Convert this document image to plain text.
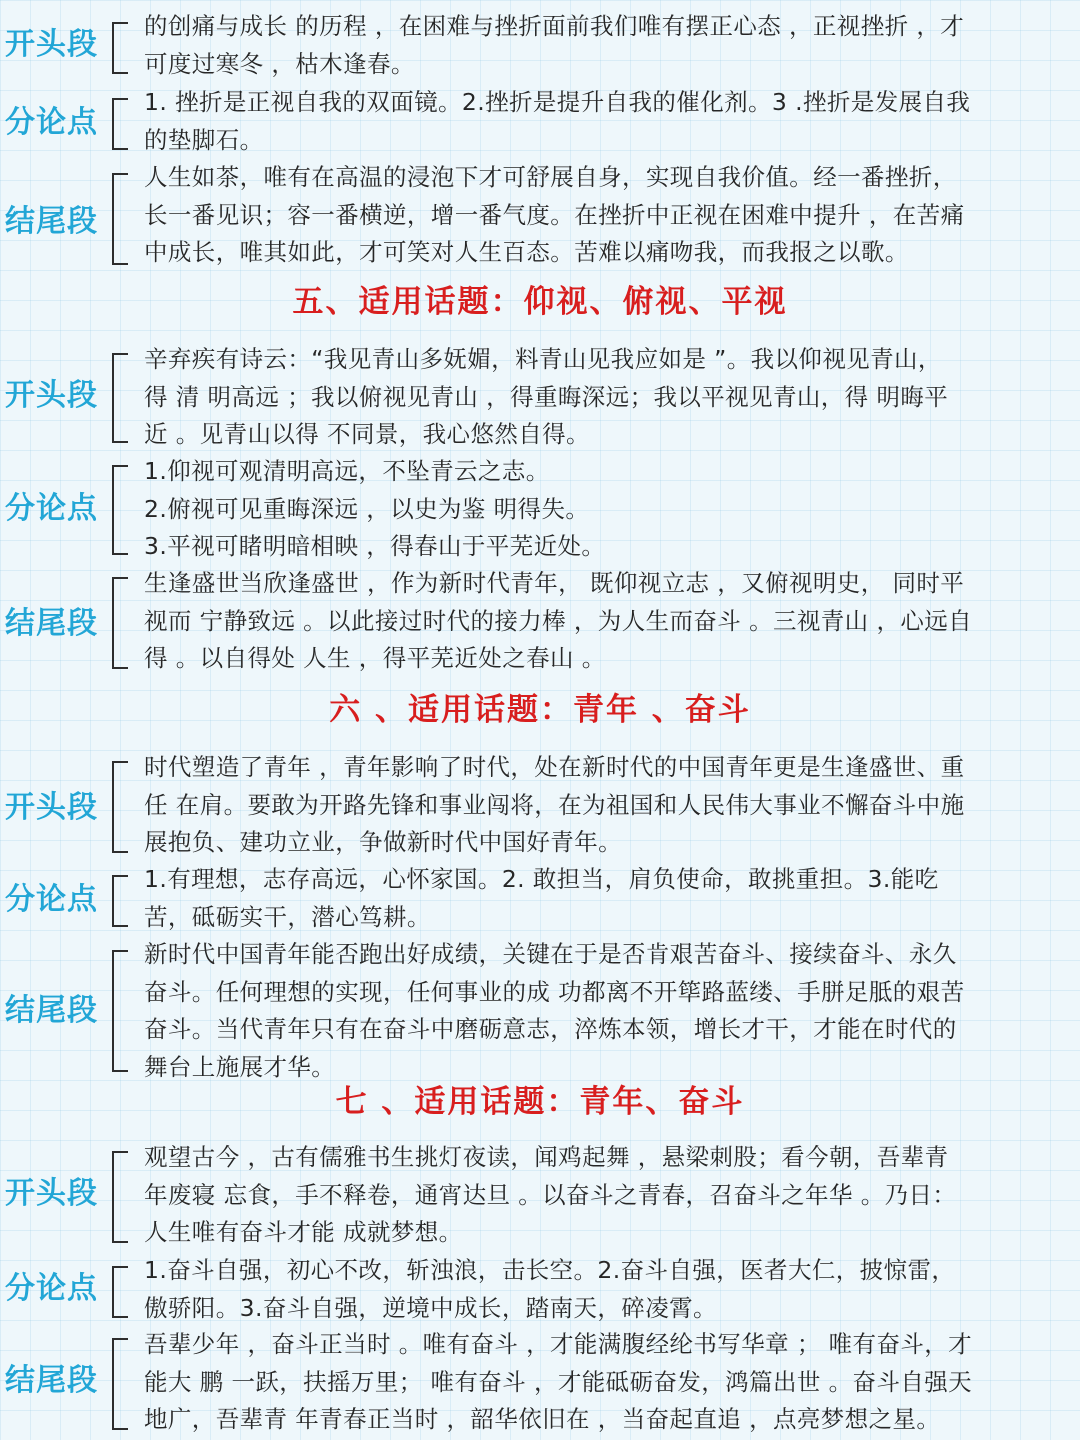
开头段
的创痛与成长 的历程 ，在困难与挫折面前我们唯有摆正心态 ，正视挫折 ，才
可度过寒冬 ，枯木逢春。
分论点
1. 挫折是正视自我的双面镜。2.挫折是提升自我的催化剂。3 .挫折是发展自我
的垫脚石。
结尾段
人生如茶，唯有在高温的浸泡下才可舒展自身，实现自我价值。经一番挫折，
长一番见识；容一番横逆，增一番气度。在挫折中正视在困难中提升 ，在苦痛
中成长，唯其如此，才可笑对人生百态。苦难以痛吻我，而我报之以歌。
五、适用话题：仰视、俯视、平视
开头段
辛弃疾有诗云：“我见青山多妩媚，料青山见我应如是 ”。我以仰视见青山，
得 清 明高远 ；我以俯视见青山 ，得重晦深远；我以平视见青山，得 明晦平
近 。见青山以得 不同景，我心悠然自得。
分论点
1.仰视可观清明高远，不坠青云之志。
2.俯视可见重晦深远 ，以史为鉴 明得失。
3.平视可睹明暗相映 ，得春山于平芜近处。
结尾段
生逢盛世当欣逢盛世 ，作为新时代青年， 既仰视立志 ，又俯视明史， 同时平
视而 宁静致远 。以此接过时代的接力棒 ，为人生而奋斗 。三视青山 ，心远自
得 。以自得处 人生 ，得平芜近处之春山 。
六 、适用话题：青年 、奋斗
开头段
时代塑造了青年 ，青年影响了时代，处在新时代的中国青年更是生逢盛世、重
任 在肩。要敢为开路先锋和事业闯将，在为祖国和人民伟大事业不懈奋斗中施
展抱负、建功立业，争做新时代中国好青年。
分论点
1.有理想，志存高远，心怀家国。2. 敢担当，肩负使命，敢挑重担。3.能吃
苦，砥砺实干，潜心笃耕。
结尾段
新时代中国青年能否跑出好成绩，关键在于是否肯艰苦奋斗、接续奋斗、永久
奋斗。任何理想的实现，任何事业的成 功都离不开筚路蓝缕、手胼足胝的艰苦
奋斗。当代青年只有在奋斗中磨砺意志，淬炼本领，增长才干，才能在时代的
舞台上施展才华。
七 、适用话题：青年、奋斗
开头段
观望古今 ，古有儒雅书生挑灯夜读，闻鸡起舞 ，悬梁刺股；看今朝，吾辈青
年废寝 忘食，手不释卷，通宵达旦 。以奋斗之青春，召奋斗之年华 。乃日：
人生唯有奋斗才能 成就梦想。
分论点
1.奋斗自强，初心不改，斩浊浪，击长空。2.奋斗自强，医者大仁，披惊雷，
傲骄阳。3.奋斗自强，逆境中成长，踏南天，碎凌霄。
结尾段
吾辈少年 ，奋斗正当时 。唯有奋斗 ，才能满腹经纶书写华章 ； 唯有奋斗，才
能大 鹏 一跃，扶摇万里； 唯有奋斗 ，才能砥砺奋发，鸿篇出世 。奋斗自强天
地广，吾辈青 年青春正当时 ，韶华依旧在 ，当奋起直追 ，点亮梦想之星。
